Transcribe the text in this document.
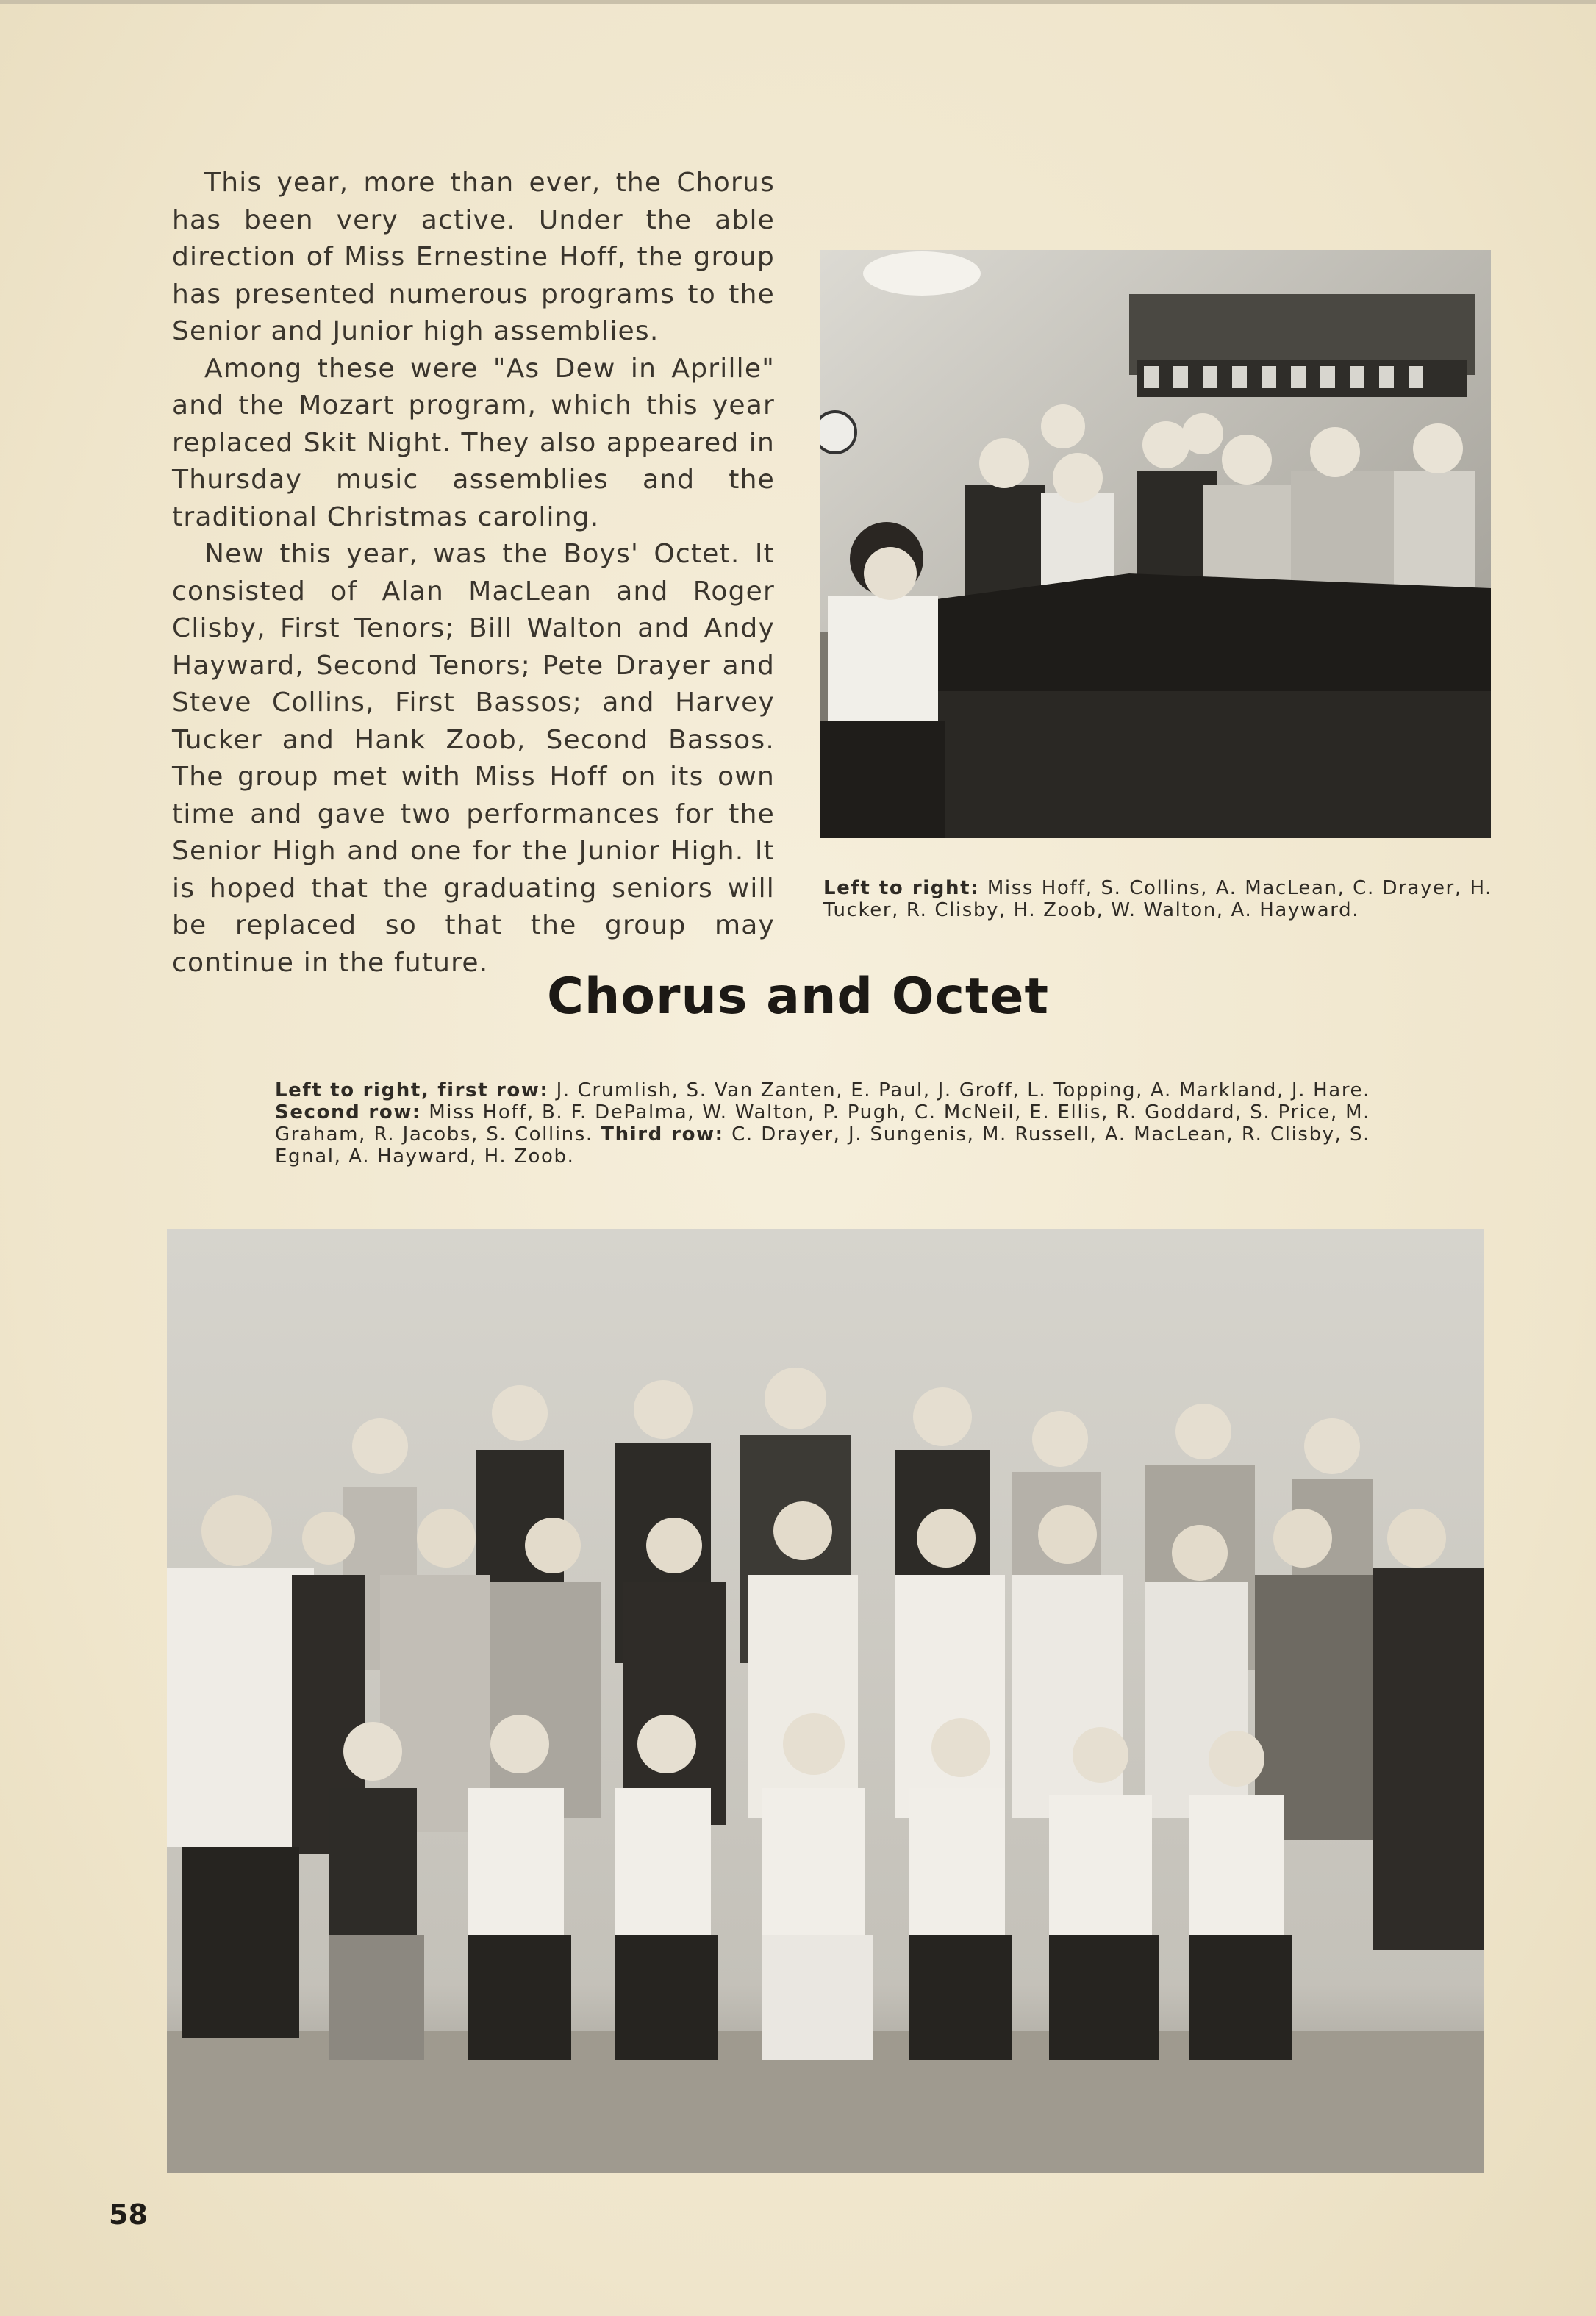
This year, more than ever, the Chorus has been very active. Under the able direction of Miss Ernestine Hoff, the group has presented numerous programs to the Senior and Junior high assemblies.

Among these were "As Dew in Aprille" and the Mozart program, which this year replaced Skit Night. They also appeared in Thursday music assemblies and the traditional Christmas caroling.

New this year, was the Boys' Octet. It consisted of Alan MacLean and Roger Clisby, First Tenors; Bill Walton and Andy Hayward, Second Tenors; Pete Drayer and Steve Collins, First Bassos; and Harvey Tucker and Hank Zoob, Second Bassos. The group met with Miss Hoff on its own time and gave two performances for the Senior High and one for the Junior High. It is hoped that the graduating seniors will be replaced so that the group may continue in the future.

Left to right: Miss Hoff, S. Collins, A. MacLean, C. Drayer, H. Tucker, R. Clisby, H. Zoob, W. Walton, A. Hayward.
Chorus and Octet
Left to right, first row: J. Crumlish, S. Van Zanten, E. Paul, J. Groff, L. Topping, A. Markland, J. Hare. Second row: Miss Hoff, B. F. DePalma, W. Walton, P. Pugh, C. McNeil, E. Ellis, R. Goddard, S. Price, M. Graham, R. Jacobs, S. Collins. Third row: C. Drayer, J. Sungenis, M. Russell, A. MacLean, R. Clisby, S. Egnal, A. Hayward, H. Zoob.
58
